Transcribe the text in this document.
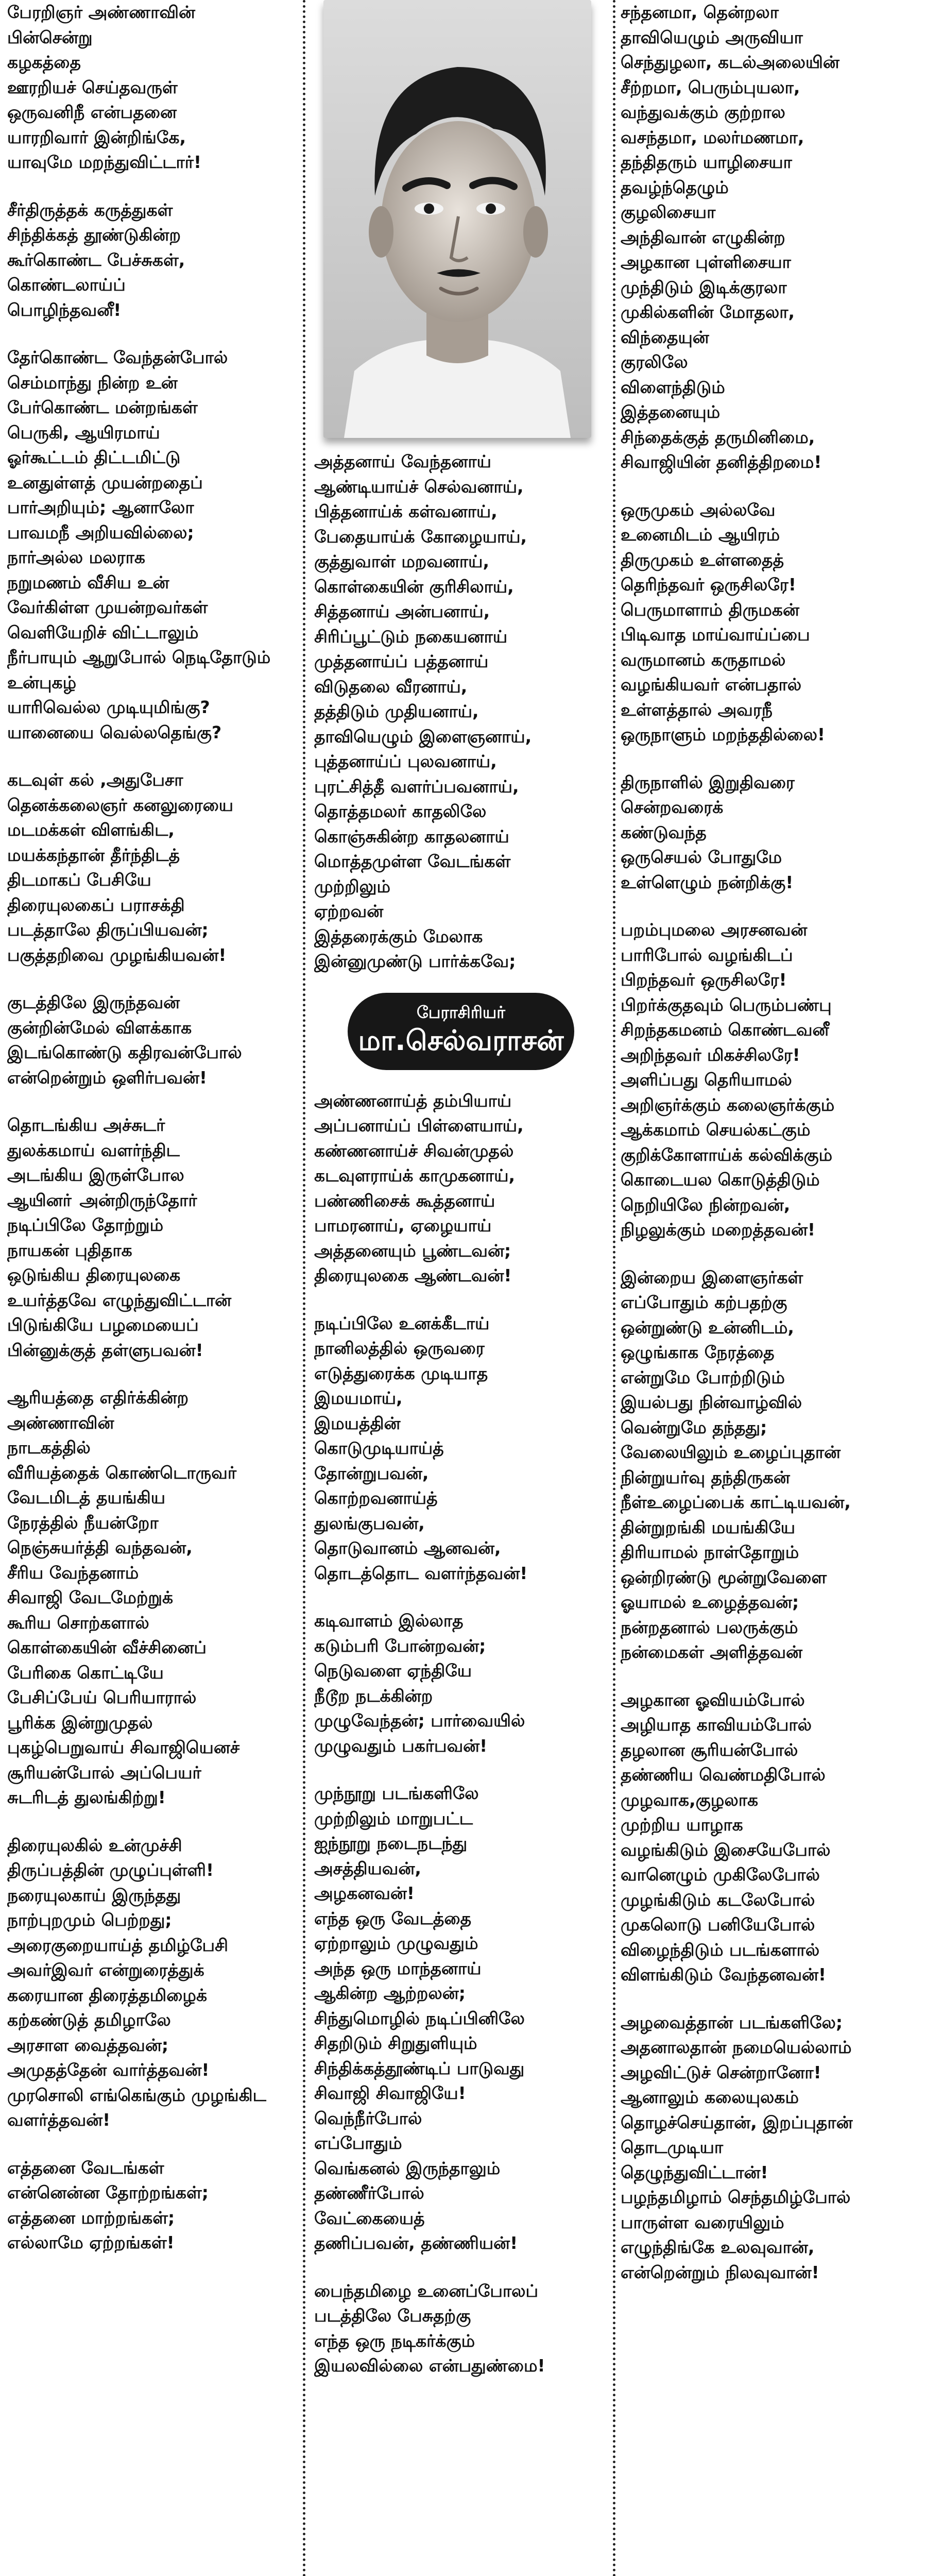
பேரறிஞர் அண்ணாவின்
பின்சென்று
கழகத்தை
ஊரறியச் செய்தவருள்
ஒருவனிநீ என்பதனை
யாரறிவார் இன்றிங்கே,
யாவுமே மறந்துவிட்டார்!
சீர்திருத்தக் கருத்துகள்
சிந்திக்கத் தூண்டுகின்ற
கூர்கொண்ட பேச்சுகள்,
கொண்டலாய்ப்
பொழிந்தவனீ!
தேர்கொண்ட வேந்தன்போல்
செம்மாந்து நின்ற உன்
பேர்கொண்ட மன்றங்கள்
பெருகி, ஆயிரமாய்
ஓர்கூட்டம் திட்டமிட்டு
உனதுள்ளத் முயன்றதைப்
பார்அறியும்; ஆனாலோ
பாவமநீ அறியவில்லை;
நார்அல்ல மலராக
நறுமணம் வீசிய உன்
வேர்கிள்ள முயன்றவர்கள்
வெளியேறிச் விட்டாலும்
நீர்பாயும் ஆறுபோல் நெடிதோடும்
உன்புகழ்
யாரிவெல்ல முடியுமிங்கு?
யானையை வெல்லதெங்கு?
கடவுள் கல் ,அதுபேசா
தெனக்கலைஞர் கனலுரையை
மடமக்கள் விளங்கிட,
மயக்கந்தான் தீர்ந்திடத்
திடமாகப் பேசியே
திரையுலகைப் பராசக்தி
படத்தாலே திருப்பியவன்;
பகுத்தறிவை முழங்கியவன்!
குடத்திலே இருந்தவன்
குன்றின்மேல் விளக்காக
இடங்கொண்டு கதிரவன்போல்
என்றென்றும் ஒளிர்பவன்!
தொடங்கிய அச்சுடர்
துலக்கமாய் வளர்ந்திட
அடங்கிய இருள்போல
ஆயினா் அன்றிருந்தோர்
நடிப்பிலே தோற்றும்
நாயகன் புதிதாக
ஒடுங்கிய திரையுலகை
உயர்த்தவே எழுந்துவிட்டான்
பிடுங்கியே பழமையைப்
பின்னுக்குத் தள்ளுபவன்!
ஆரியத்தை எதிர்க்கின்ற
அண்ணாவின்
நாடகத்தில்
வீரியத்தைக் கொண்டொருவர்
வேடமிடத் தயங்கிய
நேரத்தில் நீயன்றோ
நெஞ்சுயர்த்தி வந்தவன்,
சீரிய வேந்தனாம்
சிவாஜி வேடமேற்றுக்
கூரிய சொற்களால்
கொள்கையின் வீச்சினைப்
பேரிகை கொட்டியே
பேசிப்பேய் பெரியாரால்
பூரிக்க இன்றுமுதல்
புகழ்பெறுவாய் சிவாஜியெனச்
சூரியன்போல் அப்பெயர்
சுடரிடத் துலங்கிற்று!
திரையுலகில் உன்முச்சி
திருப்பத்தின் முழுப்புள்ளி!
நரையுலகாய் இருந்தது
நாற்புறமும் பெற்றது;
அரைகுறையாய்த் தமிழ்பேசி
அவர்இவர் என்றுரைத்துக்
கரையான திரைத்தமிழைக்
கற்கண்டுத் தமிழாலே
அரசாள வைத்தவன்;
அமுதத்தேன் வார்த்தவன்!
முரசொலி எங்கெங்கும் முழங்கிட
வளர்த்தவன்!
எத்தனை வேடங்கள்
என்னென்ன தோற்றங்கள்;
எத்தனை மாற்றங்கள்;
எல்லாமே ஏற்றங்கள்!
அத்தனாய் வேந்தனாய்
ஆண்டியாய்ச் செல்வனாய்,
பித்தனாய்க் கள்வனாய்,
பேதையாய்க் கோழையாய்,
குத்துவாள் மறவனாய்,
கொள்கையின் குரிசிலாய்,
சித்தனாய் அன்பனாய்,
சிரிப்பூட்டும் நகையனாய்
முத்தனாய்ப் பத்தனாய்
விடுதலை வீரனாய்,
தத்திடும் முதியனாய்,
தாவியெழும் இளைஞனாய்,
புத்தனாய்ப் புலவனாய்,
புரட்சித்தீ வளர்ப்பவனாய்,
தொத்தமலர் காதலிலே
கொஞ்சுகின்ற காதலனாய்
மொத்தமுள்ள வேடங்கள்
முற்றிலும்
ஏற்றவன்
இத்தரைக்கும் மேலாக
இன்னுமுண்டு பார்க்கவே;
பேராசிரியர்
மா.செல்வராசன்
அண்ணனாய்த் தம்பியாய்
அப்பனாய்ப் பிள்ளையாய்,
கண்ணனாய்ச் சிவன்முதல்
கடவுளராய்க் காமுகனாய்,
பண்ணிசைக் கூத்தனாய்
பாமரனாய், ஏழையாய்
அத்தனையும் பூண்டவன்;
திரையுலகை ஆண்டவன்!
நடிப்பிலே உனக்கீடாய்
நானிலத்தில் ஒருவரை
எடுத்துரைக்க முடியாத
இமயமாய்,
இமயத்தின்
கொடுமுடியாய்த்
தோன்றுபவன்,
கொற்றவனாய்த்
துலங்குபவன்,
தொடுவானம் ஆனவன்,
தொடத்தொட வளர்ந்தவன்!
கடிவாளம் இல்லாத
கடும்பரி போன்றவன்;
நெடுவளை ஏந்தியே
நீடூற நடக்கின்ற
முழுவேந்தன்; பார்வையில்
முழுவதும் பகர்பவன்!
முந்நூறு படங்களிலே
முற்றிலும் மாறுபட்ட
ஐந்நூறு நடைநடந்து
அசத்தியவன்,
அழகனவன்!
எந்த ஒரு வேடத்தை
ஏற்றாலும் முழுவதும்
அந்த ஒரு மாந்தனாய்
ஆகின்ற ஆற்றலன்;
சிந்துமொழில் நடிப்பினிலே
சிதறிடும் சிறுதுளியும்
சிந்திக்கத்தூண்டிப் பாடுவது
சிவாஜி சிவாஜியே!
வெந்நீர்போல்
எப்போதும்
வெங்கனல் இருந்தாலும்
தண்ணீர்போல்
வேட்கையைத்
தணிப்பவன், தண்ணியன்!
பைந்தமிழை உனைப்போலப்
படத்திலே பேசுதற்கு
எந்த ஒரு நடிகர்க்கும்
இயலவில்லை என்பதுண்மை!
சந்தனமா, தென்றலா
தாவியெழும் அருவியா
செந்துழலா, கடல்அலையின்
சீற்றமா, பெரும்புயலா,
வந்துவக்கும் குற்றால
வசந்தமா, மலர்மணமா,
தந்திதரும் யாழிசையா
தவழ்ந்தெழும்
குழலிசையா
அந்திவான் எழுகின்ற
அழகான புள்ளிசையா
முந்திடும் இடிக்குரலா
முகில்களின் மோதலா,
விந்தையுன்
குரலிலே
விளைந்திடும்
இத்தனையும்
சிந்தைக்குத் தருமினிமை,
சிவாஜியின் தனித்திறமை!
ஒருமுகம் அல்லவே
உனைமிடம் ஆயிரம்
திருமுகம் உள்ளதைத்
தெரிந்தவர் ஒருசிலரே!
பெருமாளாம் திருமகன்
பிடிவாத மாய்வாய்ப்பை
வருமானம் கருதாமல்
வழங்கியவர் என்பதால்
உள்ளத்தால் அவரநீ
ஒருநாளும் மறந்ததில்லை!
திருநாளில் இறுதிவரை
சென்றவரைக்
கண்டுவந்த
ஒருசெயல் போதுமே
உள்ளெழும் நன்றிக்கு!
பறம்புமலை அரசனவன்
பாரிபோல் வழங்கிடப்
பிறந்தவர் ஒருசிலரே!
பிறர்க்குதவும் பெரும்பண்பு
சிறந்தகமனம் கொண்டவனீ
அறிந்தவர் மிகச்சிலரே!
அளிப்பது தெரியாமல்
அறிஞர்க்கும் கலைஞர்க்கும்
ஆக்கமாம் செயல்கட்கும்
குறிக்கோளாய்க் கல்விக்கும்
கொடையல கொடுத்திடும்
நெறியிலே நின்றவன்,
நிழலுக்கும் மறைத்தவன்!
இன்றைய இளைஞர்கள்
எப்போதும் கற்பதற்கு
ஒன்றுண்டு உன்னிடம்,
ஒழுங்காக நேரத்தை
என்றுமே போற்றிடும்
இயல்பது நின்வாழ்வில்
வென்றுமே தந்தது;
வேலையிலும் உழைப்புதான்
நின்றுயர்வு தந்திருகன்
நீள்உழைப்பைக் காட்டியவன்,
தின்றுறங்கி மயங்கியே
திரியாமல் நாள்தோறும்
ஒன்றிரண்டு மூன்றுவேளை
ஓயாமல் உழைத்தவன்;
நன்றதனால் பலருக்கும்
நன்மைகள் அளித்தவன்
அழகான ஓவியம்போல்
அழியாத காவியம்போல்
தழலான சூரியன்போல்
தண்ணிய வெண்மதிபோல்
முழவாக,குழலாக
முற்றிய யாழாக
வழங்கிடும் இசையேபோல்
வானெழும் முகிலேபோல்
முழங்கிடும் கடலேபோல்
முகலொடு பனியேபோல்
விழைந்திடும் படங்களால்
விளங்கிடும் வேந்தனவன்!
அழவைத்தான் படங்களிலே;
அதனாலதான் நமையெல்லாம்
அழவிட்டுச் சென்றானோ!
ஆனாலும் கலையுலகம்
தொழச்செய்தான், இறப்புதான்
தொடமுடியா
தெழுந்துவிட்டான்!
பழந்தமிழாம் செந்தமிழ்போல்
பாருள்ள வரையிலும்
எழுந்திங்கே உலவுவான்,
என்றென்றும் நிலவுவான்!
